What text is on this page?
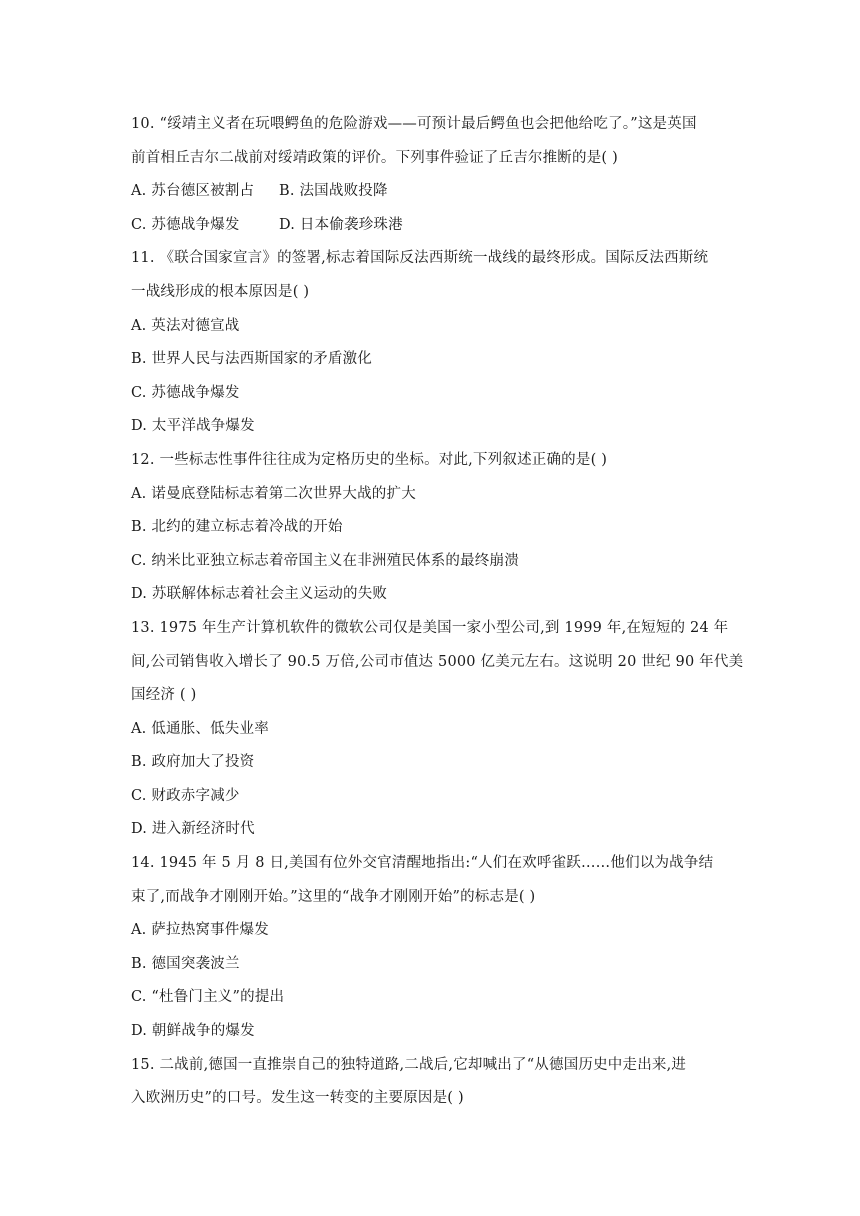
10. “绥靖主义者在玩喂鳄鱼的危险游戏——可预计最后鳄鱼也会把他给吃了。”这是英国
前首相丘吉尔二战前对绥靖政策的评价。下列事件验证了丘吉尔推断的是( )
A. 苏台德区被割占	B. 法国战败投降
C. 苏德战争爆发	D. 日本偷袭珍珠港
11. 《联合国家宣言》的签署,标志着国际反法西斯统一战线的最终形成。国际反法西斯统
一战线形成的根本原因是( )
A. 英法对德宣战
B. 世界人民与法西斯国家的矛盾激化
C. 苏德战争爆发
D. 太平洋战争爆发
12. 一些标志性事件往往成为定格历史的坐标。对此,下列叙述正确的是( )
A. 诺曼底登陆标志着第二次世界大战的扩大
B. 北约的建立标志着冷战的开始
C. 纳米比亚独立标志着帝国主义在非洲殖民体系的最终崩溃
D. 苏联解体标志着社会主义运动的失败
13. 1975 年生产计算机软件的微软公司仅是美国一家小型公司,到 1999 年,在短短的 24 年
间,公司销售收入增长了 90.5 万倍,公司市值达 5000 亿美元左右。这说明 20 世纪 90 年代美
国经济 ( )
A. 低通胀、低失业率
B. 政府加大了投资
C. 财政赤字减少
D. 进入新经济时代
14. 1945 年 5 月 8 日,美国有位外交官清醒地指出:“人们在欢呼雀跃……他们以为战争结
束了,而战争才刚刚开始。”这里的“战争才刚刚开始”的标志是( )
A. 萨拉热窝事件爆发
B. 德国突袭波兰
C. “杜鲁门主义”的提出
D. 朝鲜战争的爆发
15. 二战前,德国一直推崇自己的独特道路,二战后,它却喊出了“从德国历史中走出来,进
入欧洲历史”的口号。发生这一转变的主要原因是( )
